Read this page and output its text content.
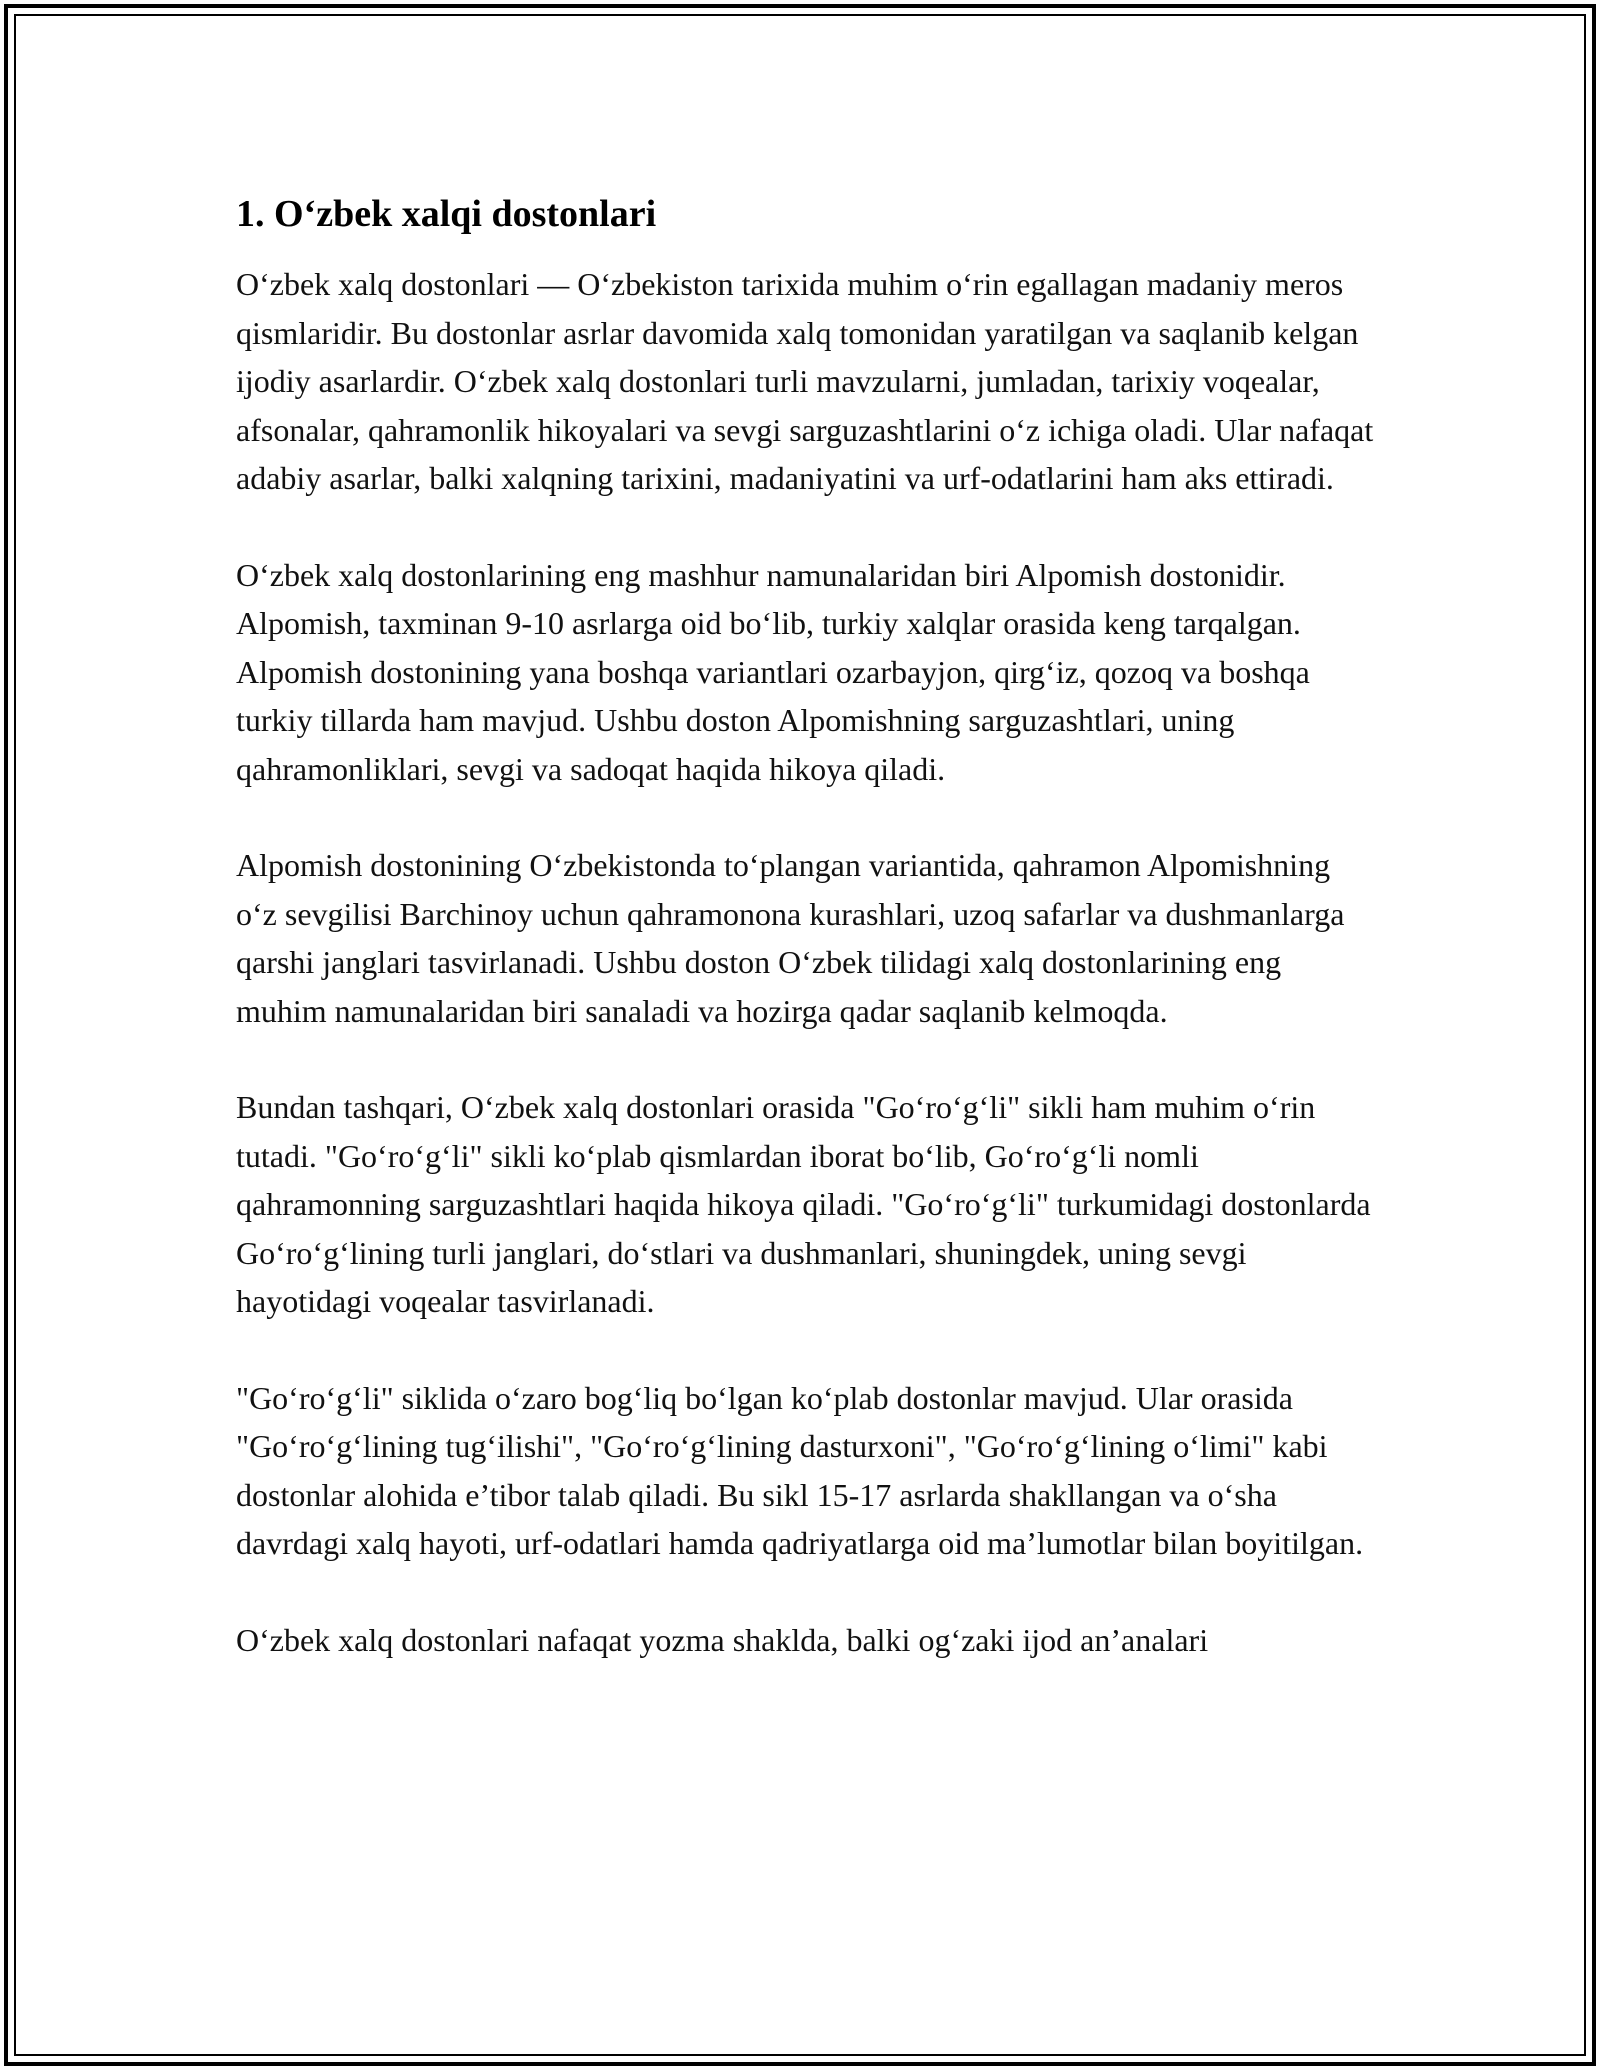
1. O‘zbek xalqi dostonlari

O‘zbek xalq dostonlari — O‘zbekiston tarixida muhim o‘rin egallagan madaniy meros qismlaridir. Bu dostonlar asrlar davomida xalq tomonidan yaratilgan va saqlanib kelgan ijodiy asarlardir. O‘zbek xalq dostonlari turli mavzularni, jumladan, tarixiy voqealar, afsonalar, qahramonlik hikoyalari va sevgi sarguzashtlarini o‘z ichiga oladi. Ular nafaqat adabiy asarlar, balki xalqning tarixini, madaniyatini va urf-odatlarini ham aks ettiradi.

O‘zbek xalq dostonlarining eng mashhur namunalaridan biri Alpomish dostonidir. Alpomish, taxminan 9-10 asrlarga oid bo‘lib, turkiy xalqlar orasida keng tarqalgan. Alpomish dostonining yana boshqa variantlari ozarbayjon, qirg‘iz, qozoq va boshqa turkiy tillarda ham mavjud. Ushbu doston Alpomishning sarguzashtlari, uning qahramonliklari, sevgi va sadoqat haqida hikoya qiladi.

Alpomish dostonining O‘zbekistonda to‘plangan variantida, qahramon Alpomishning o‘z sevgilisi Barchinoy uchun qahramonona kurashlari, uzoq safarlar va dushmanlarga qarshi janglari tasvirlanadi. Ushbu doston O‘zbek tilidagi xalq dostonlarining eng muhim namunalaridan biri sanaladi va hozirga qadar saqlanib kelmoqda.

Bundan tashqari, O‘zbek xalq dostonlari orasida "Go‘ro‘g‘li" sikli ham muhim o‘rin tutadi. "Go‘ro‘g‘li" sikli ko‘plab qismlardan iborat bo‘lib, Go‘ro‘g‘li nomli qahramonning sarguzashtlari haqida hikoya qiladi. "Go‘ro‘g‘li" turkumidagi dostonlarda Go‘ro‘g‘lining turli janglari, do‘stlari va dushmanlari, shuningdek, uning sevgi hayotidagi voqealar tasvirlanadi.

"Go‘ro‘g‘li" siklida o‘zaro bog‘liq bo‘lgan ko‘plab dostonlar mavjud. Ular orasida "Go‘ro‘g‘lining tug‘ilishi", "Go‘ro‘g‘lining dasturxoni", "Go‘ro‘g‘lining o‘limi" kabi dostonlar alohida e’tibor talab qiladi. Bu sikl 15-17 asrlarda shakllangan va o‘sha davrdagi xalq hayoti, urf-odatlari hamda qadriyatlarga oid ma’lumotlar bilan boyitilgan.

O‘zbek xalq dostonlari nafaqat yozma shaklda, balki og‘zaki ijod an’analari
